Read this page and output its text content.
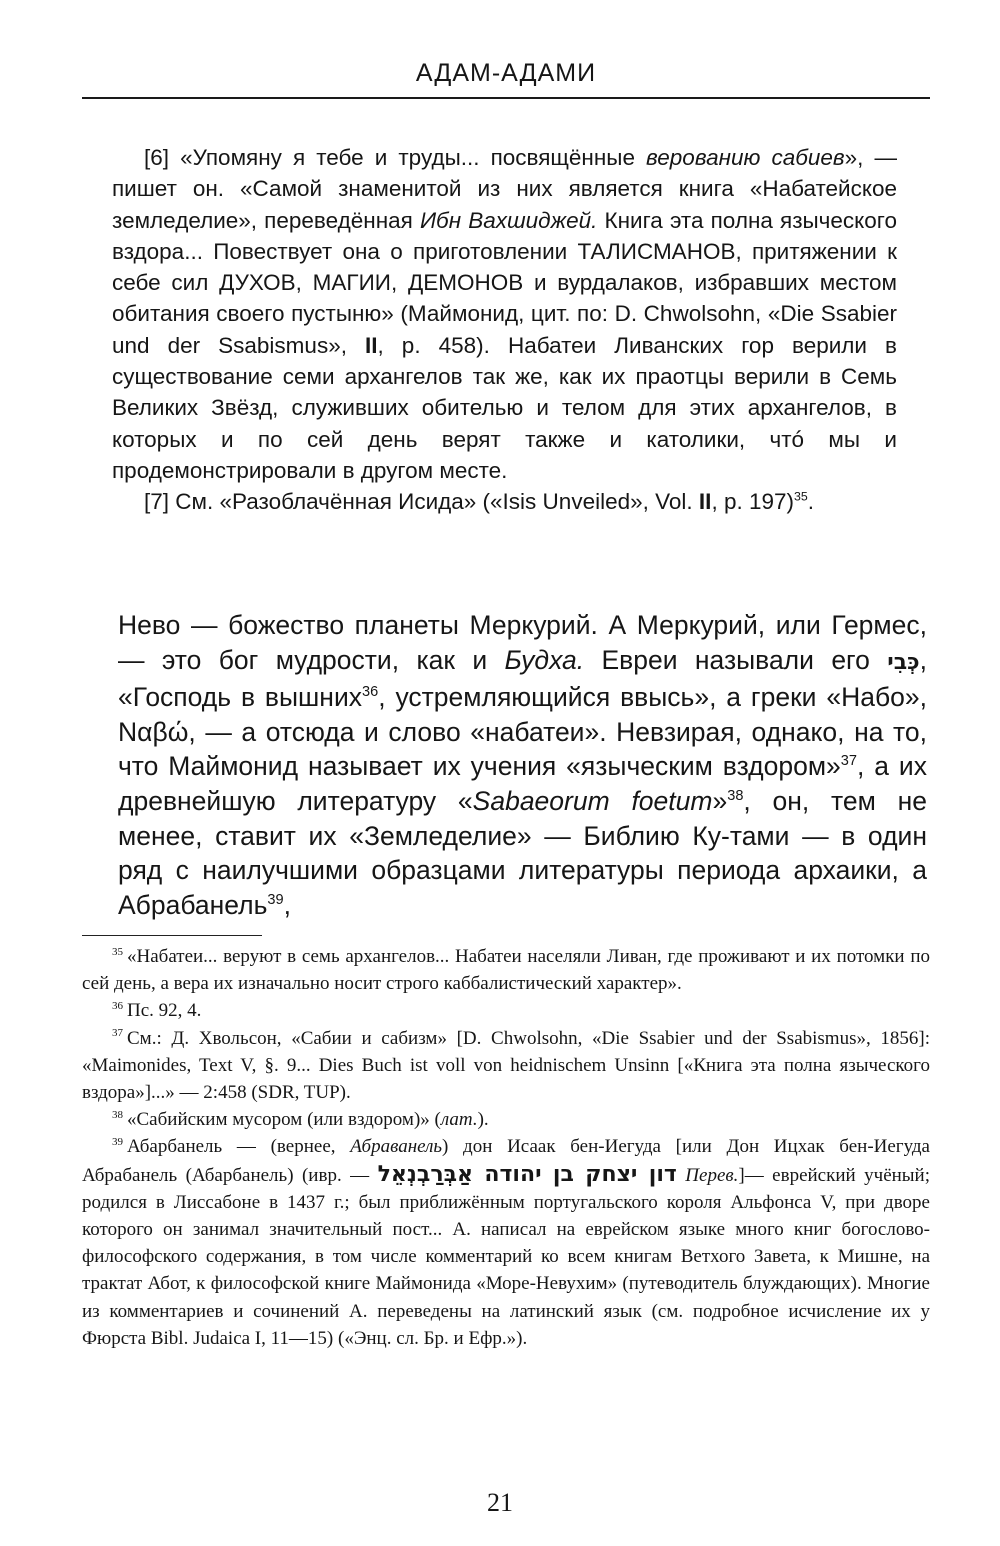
АДАМ-АДАМИ

[6] «Упомяну я тебе и труды... посвящённые верованию сабиев», — пишет он. «Самой знаменитой из них является книга «Набатейское земледелие», переведённая Ибн Вахшиджей. Книга эта полна языческого вздора... Повествует она о приготовлении ТАЛИСМАНОВ, притяжении к себе сил ДУХОВ, МАГИИ, ДЕМОНОВ и вурдалаков, избравших местом обитания своего пустыню» (Маймонид, цит. по: D. Chwolsohn, «Die Ssabier und der Ssabismus», II, p. 458). Набатеи Ливанских гор верили в существование семи архангелов так же, как их праотцы верили в Семь Великих Звёзд, служивших обителью и телом для этих архангелов, в которых и по сей день верят также и католики, чтó мы и продемонстрировали в другом месте.

[7] См. «Разоблачённая Исида» («Isis Unveiled», Vol. II, p. 197)$^{35}$.

Нево — божество планеты Меркурий. А Меркурий, или Гермес, — это бог мудрости, как и Будха. Евреи называли его כְּבִי, «Господь в вышних$^{36}$, устремляющийся ввысь», а греки «Набо», Ναβώ, — а отсюда и слово «набатеи». Невзирая, однако, на то, что Маймонид называет их учения «языческим вздором»$^{37}$, а их древнейшую литературу «Sabaeorum foetum»$^{38}$, он, тем не менее, ставит их «Земледелие» — Библию Ку-тами — в один ряд с наилучшими образцами литературы периода архаики, а Абрабанель$^{39}$,

$^{35}$ «Набатеи... веруют в семь архангелов... Набатеи населяли Ливан, где проживают и их потомки по сей день, а вера их изначально носит строго каббалистический характер».

$^{36}$ Пс. 92, 4.

$^{37}$ См.: Д. Хвольсон, «Сабии и сабизм» [D. Chwolsohn, «Die Ssabier und der Ssabismus», 1856]: «Maimonides, Text V, §. 9... Dies Buch ist voll von heidnischem Unsinn [«Книга эта полна языческого вздора»]...» — 2:458 (SDR, TUP).

$^{38}$ «Сабийским мусором (или вздором)» (лат.).

$^{39}$ Абарбанель — (вернее, Абраванель) дон Исаак бен-Иегуда [или Дон Ицхак бен-Иегуда Абрабанель (Абарбанель) (ивр. — דון יצחק בן יהודה אַבְּרַבְנְאֵל Перев.]— еврейский учёный; родился в Лиссабоне в 1437 г.; был приближённым португальского короля Альфонса V, при дворе которого он занимал значительный пост... А. написал на еврейском языке много книг богослово-философского содержания, в том числе комментарий ко всем книгам Ветхого Завета, к Мишне, на трактат Абот, к философской книге Маймонида «Море-Невухим» (путеводитель блуждающих). Многие из комментариев и сочинений А. переведены на латинский язык (см. подробное исчисление их у Фюрста Bibl. Judaica I, 11—15) («Энц. сл. Бр. и Ефр.»).

21
